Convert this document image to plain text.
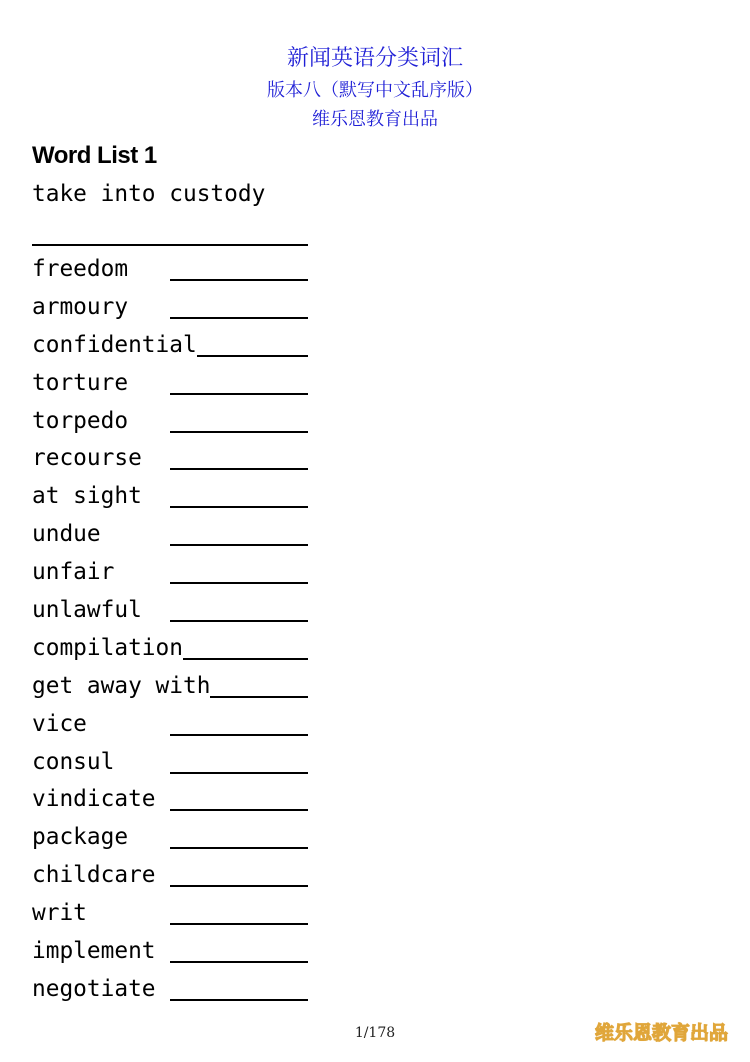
新闻英语分类词汇
版本八（默写中文乱序版）
维乐恩教育出品
Word List 1
take into custody
freedom
armoury
confidential
torture
torpedo
recourse
at sight
undue
unfair
unlawful
compilation
get away with
vice
consul
vindicate
package
childcare
writ
implement
negotiate
1/178	维乐恩教育出品
